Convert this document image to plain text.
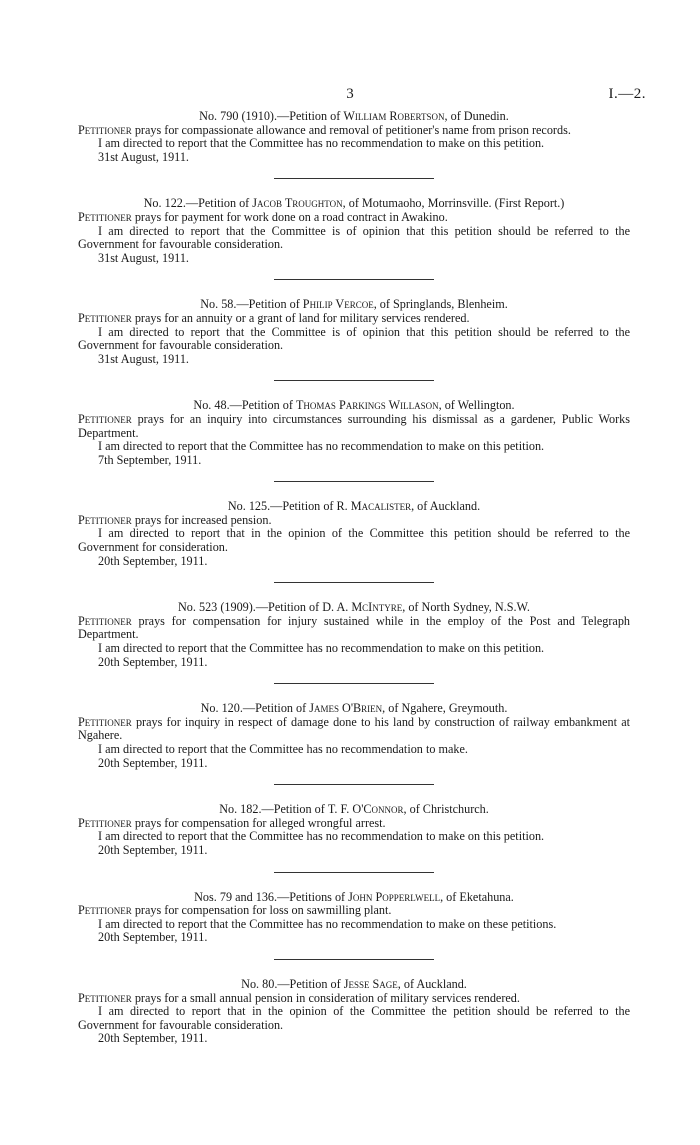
3	I.—2.
No. 790 (1910).—Petition of William Robertson, of Dunedin.
Petitioner prays for compassionate allowance and removal of petitioner's name from prison records.
I am directed to report that the Committee has no recommendation to make on this petition.
31st August, 1911.
No. 122.—Petition of Jacob Troughton, of Motumaoho, Morrinsville. (First Report.)
Petitioner prays for payment for work done on a road contract in Awakino.
I am directed to report that the Committee is of opinion that this petition should be referred to the Government for favourable consideration.
31st August, 1911.
No. 58.—Petition of Philip Vercoe, of Springlands, Blenheim.
Petitioner prays for an annuity or a grant of land for military services rendered.
I am directed to report that the Committee is of opinion that this petition should be referred to the Government for favourable consideration.
31st August, 1911.
No. 48.—Petition of Thomas Parkings Willason, of Wellington.
Petitioner prays for an inquiry into circumstances surrounding his dismissal as a gardener, Public Works Department.
I am directed to report that the Committee has no recommendation to make on this petition.
7th September, 1911.
No. 125.—Petition of R. Macalister, of Auckland.
Petitioner prays for increased pension.
I am directed to report that in the opinion of the Committee this petition should be referred to the Government for consideration.
20th September, 1911.
No. 523 (1909).—Petition of D. A. McIntyre, of North Sydney, N.S.W.
Petitioner prays for compensation for injury sustained while in the employ of the Post and Telegraph Department.
I am directed to report that the Committee has no recommendation to make on this petition.
20th September, 1911.
No. 120.—Petition of James O'Brien, of Ngahere, Greymouth.
Petitioner prays for inquiry in respect of damage done to his land by construction of railway embankment at Ngahere.
I am directed to report that the Committee has no recommendation to make.
20th September, 1911.
No. 182.—Petition of T. F. O'Connor, of Christchurch.
Petitioner prays for compensation for alleged wrongful arrest.
I am directed to report that the Committee has no recommendation to make on this petition.
20th September, 1911.
Nos. 79 and 136.—Petitions of John Popperlwell, of Eketahuna.
Petitioner prays for compensation for loss on sawmilling plant.
I am directed to report that the Committee has no recommendation to make on these petitions.
20th September, 1911.
No. 80.—Petition of Jesse Sage, of Auckland.
Petitioner prays for a small annual pension in consideration of military services rendered.
I am directed to report that in the opinion of the Committee the petition should be referred to the Government for favourable consideration.
20th September, 1911.
